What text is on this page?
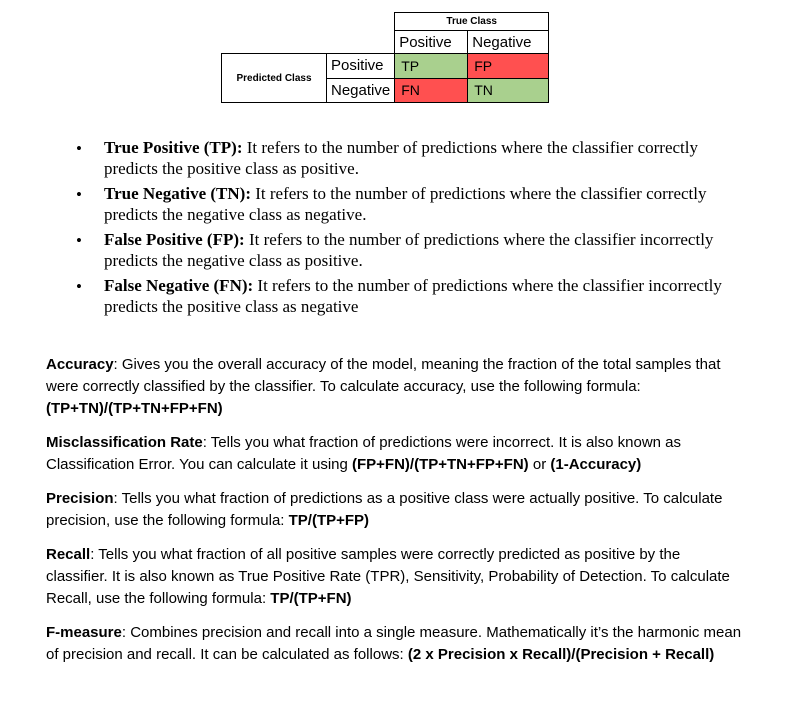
		True Class	
		Positive	Negative
Predicted Class	Positive	TP	FP
	Negative	FN	TN
• True Positive (TP): It refers to the number of predictions where the classifier correctly predicts the positive class as positive.
• True Negative (TN): It refers to the number of predictions where the classifier correctly predicts the negative class as negative.
• False Positive (FP): It refers to the number of predictions where the classifier incorrectly predicts the negative class as positive.
• False Negative (FN): It refers to the number of predictions where the classifier incorrectly predicts the positive class as negative

Accuracy: Gives you the overall accuracy of the model, meaning the fraction of the total samples that were correctly classified by the classifier. To calculate accuracy, use the following formula: (TP+TN)/(TP+TN+FP+FN)

Misclassification Rate: Tells you what fraction of predictions were incorrect. It is also known as Classification Error. You can calculate it using (FP+FN)/(TP+TN+FP+FN) or (1-Accuracy)

Precision: Tells you what fraction of predictions as a positive class were actually positive. To calculate precision, use the following formula: TP/(TP+FP)

Recall: Tells you what fraction of all positive samples were correctly predicted as positive by the classifier. It is also known as True Positive Rate (TPR), Sensitivity, Probability of Detection. To calculate Recall, use the following formula: TP/(TP+FN)

F-measure: Combines precision and recall into a single measure. Mathematically it’s the harmonic mean of precision and recall. It can be calculated as follows: (2 x Precision x Recall)/(Precision + Recall)
